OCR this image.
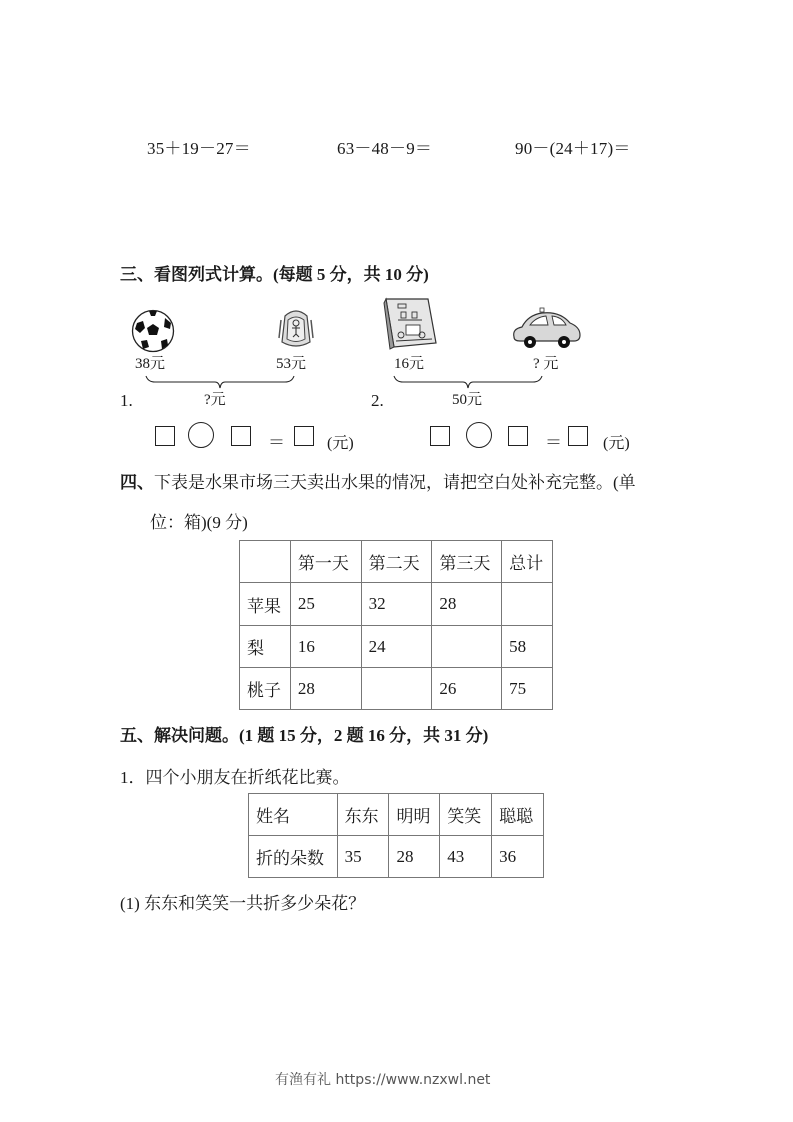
35＋19－27＝	63－48－9＝	90－(24＋17)＝
三、看图列式计算。(每题 5 分，共 10 分)
38元	53元
1.	?元
＝	(元)
16元	? 元
2.	50元
＝	(元)
四、下表是水果市场三天卖出水果的情况，请把空白处补充完整。(单
位：箱)(9 分)
	第一天	第二天	第三天	总计
苹果	25	32	28	
梨	16	24		58
桃子	28		26	75
五、解决问题。(1 题 15 分，2 题 16 分，共 31 分)
1．四个小朋友在折纸花比赛。
姓名	东东	明明	笑笑	聪聪
折的朵数	35	28	43	36
(1) 东东和笑笑一共折多少朵花？
有渔有礼 https://www.nzxwl.net
